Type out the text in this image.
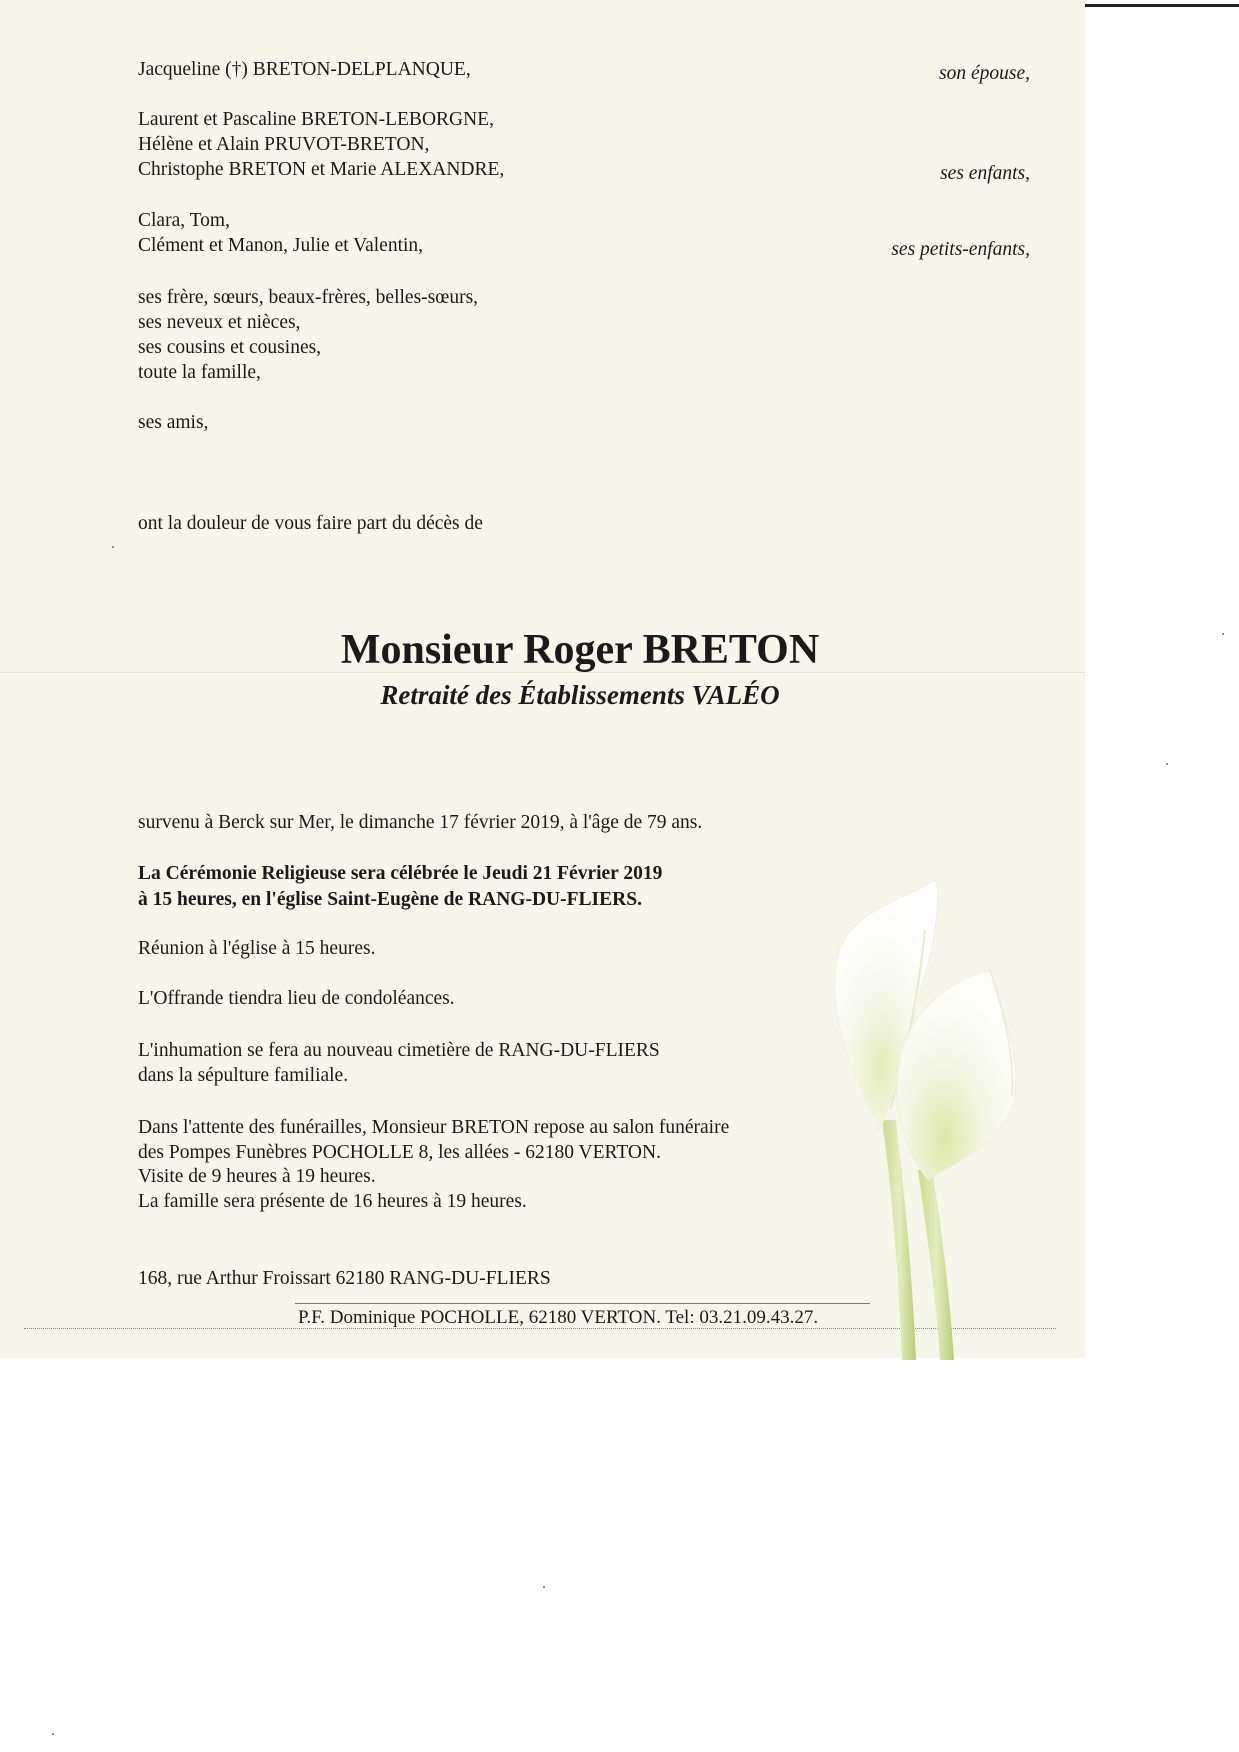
Jacqueline (†) BRETON-DELPLANQUE,	son épouse,
Laurent et Pascaline BRETON-LEBORGNE,
Hélène et Alain PRUVOT-BRETON,
Christophe BRETON et Marie ALEXANDRE,	ses enfants,
Clara, Tom,
Clément et Manon, Julie et Valentin,	ses petits-enfants,
ses frère, sœurs, beaux-frères, belles-sœurs,
ses neveux et nièces,
ses cousins et cousines,
toute la famille,
ses amis,
ont la douleur de vous faire part du décès de
Monsieur Roger BRETON
Retraité des Établissements VALÉO
survenu à Berck sur Mer, le dimanche 17 février 2019, à l'âge de 79 ans.
La Cérémonie Religieuse sera célébrée le Jeudi 21 Février 2019
à 15 heures, en l'église Saint-Eugène de RANG-DU-FLIERS.
Réunion à l'église à 15 heures.
L'Offrande tiendra lieu de condoléances.
L'inhumation se fera au nouveau cimetière de RANG-DU-FLIERS
dans la sépulture familiale.
Dans l'attente des funérailles, Monsieur BRETON repose au salon funéraire
des Pompes Funèbres POCHOLLE 8, les allées - 62180 VERTON.
Visite de 9 heures à 19 heures.
La famille sera présente de 16 heures à 19 heures.
168, rue Arthur Froissart 62180 RANG-DU-FLIERS
P.F. Dominique POCHOLLE, 62180 VERTON. Tel: 03.21.09.43.27.
